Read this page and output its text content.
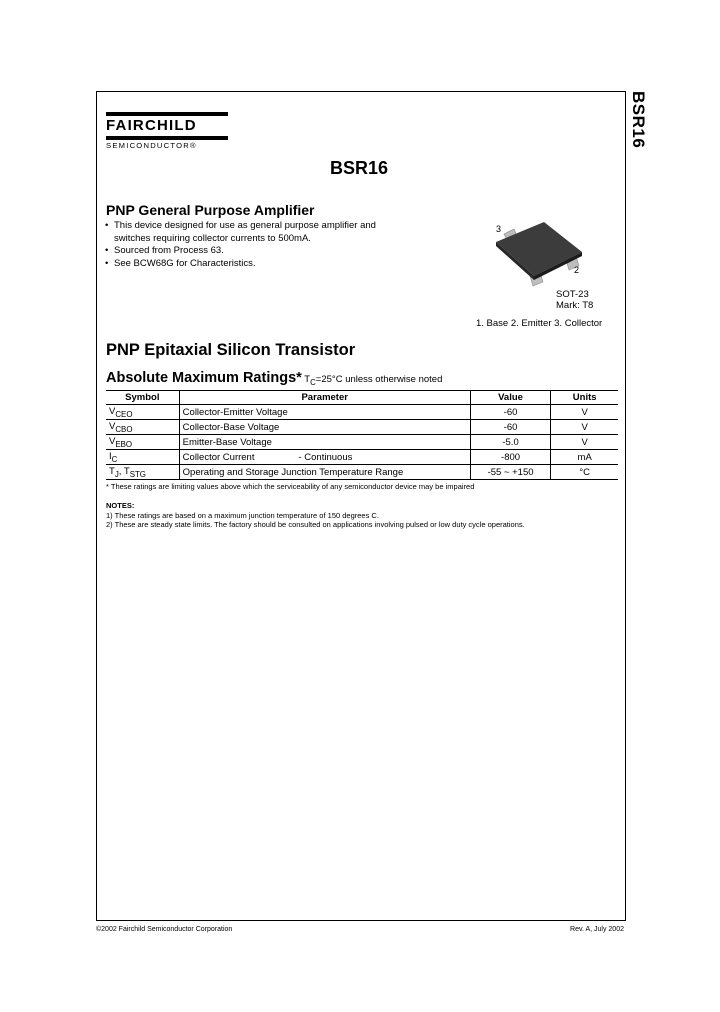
BSR16
FAIRCHILD
SEMICONDUCTOR®
BSR16
PNP General Purpose Amplifier
• This device designed for use as general purpose amplifier and switches requiring collector currents to 500mA.
• Sourced from Process 63.
• See BCW68G for Characteristics.
3
2
SOT-23
Mark: T8
1. Base 2. Emitter 3. Collector
PNP Epitaxial Silicon Transistor
Absolute Maximum Ratings* $T_C=25^\circ C$ unless otherwise noted
Symbol	Parameter	Value	Units
$V_{CEO}$	Collector-Emitter Voltage	-60	V
$V_{CBO}$	Collector-Base Voltage	-60	V
$V_{EBO}$	Emitter-Base Voltage	-5.0	V
$I_C$	Collector Current - Continuous	-800	mA
$T_J$, $T_{STG}$	Operating and Storage Junction Temperature Range	-55 ~ +150	°C
* These ratings are limiting values above which the serviceability of any semiconductor device may be impaired
NOTES:
1) These ratings are based on a maximum junction temperature of 150 degrees C.
2) These are steady state limits. The factory should be consulted on applications involving pulsed or low duty cycle operations.
©2002 Fairchild Semiconductor Corporation	Rev. A, July 2002
